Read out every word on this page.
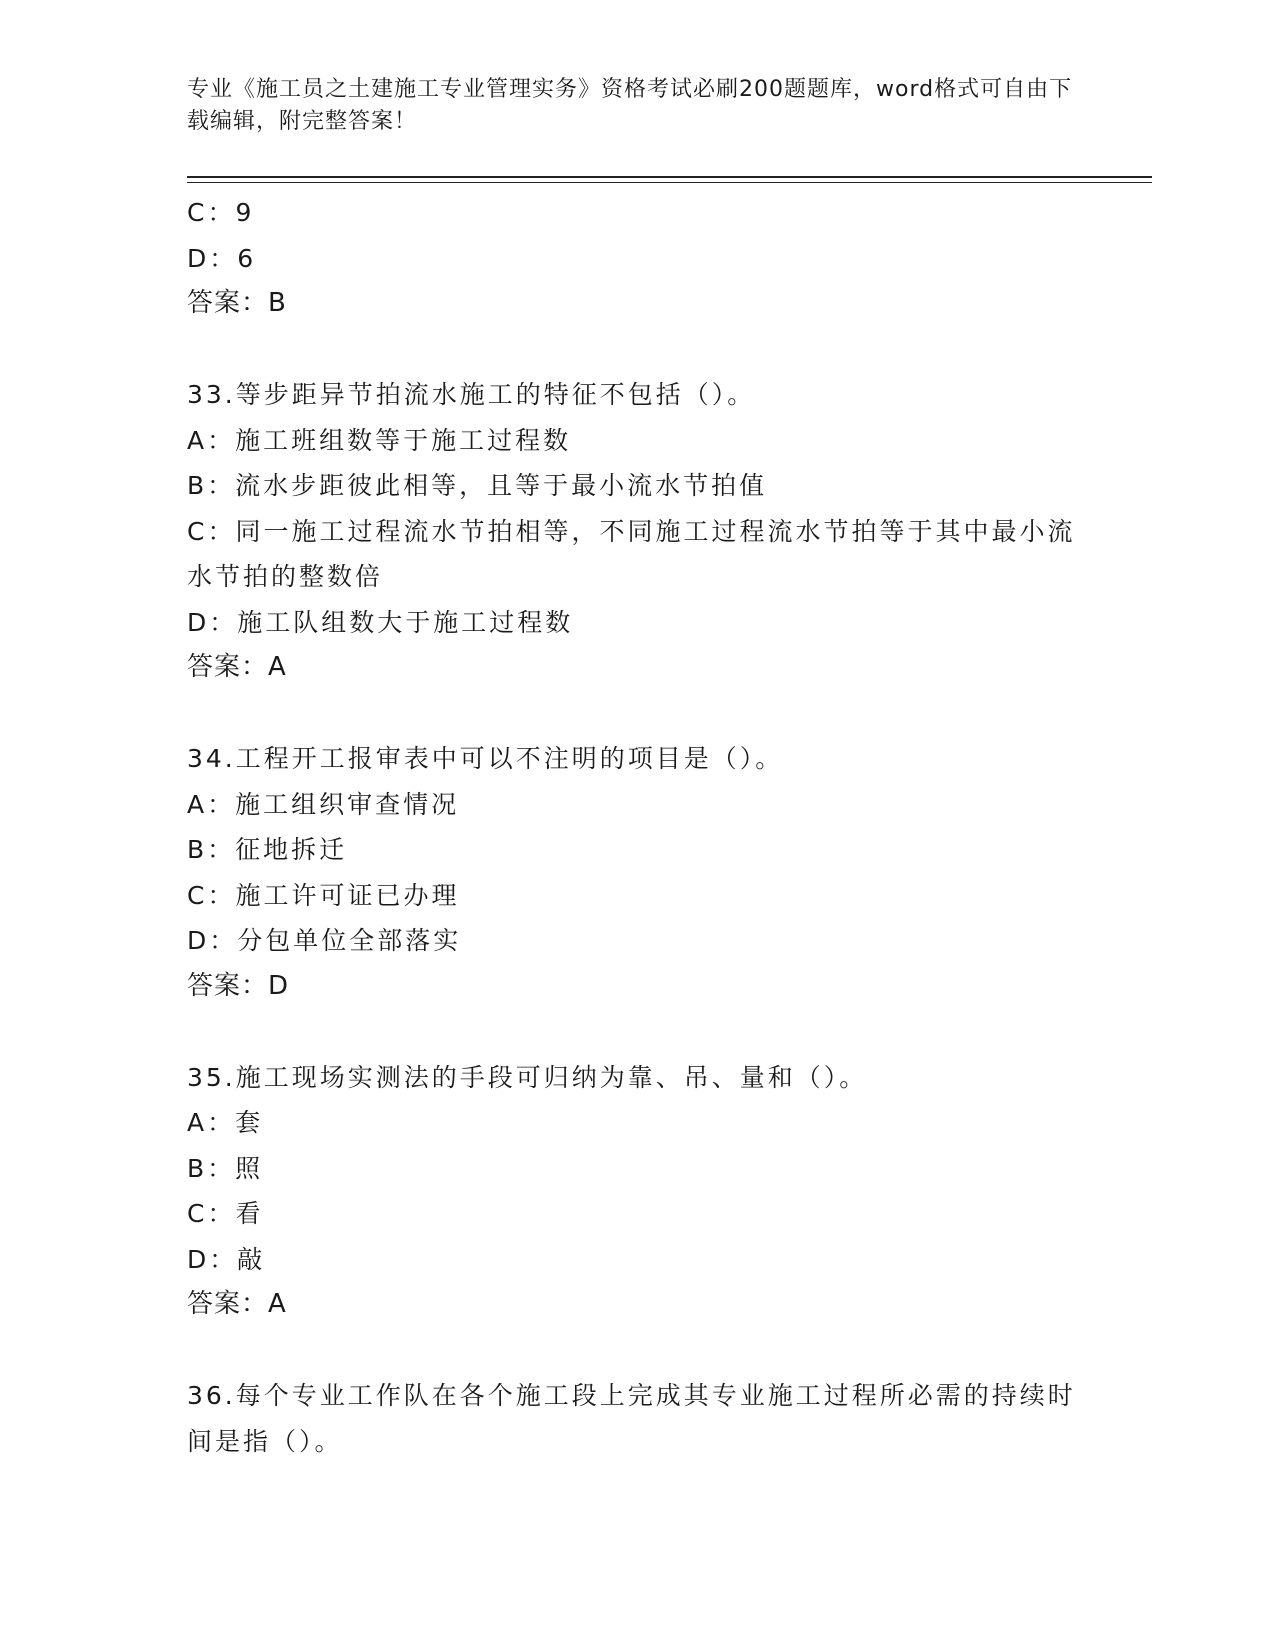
专业《施工员之土建施工专业管理实务》资格考试必刷200题题库，word格式可自由下载编辑，附完整答案！
C：9
D：6
答案：B
33.等步距异节拍流水施工的特征不包括（）。
A：施工班组数等于施工过程数
B：流水步距彼此相等，且等于最小流水节拍值
C：同一施工过程流水节拍相等，不同施工过程流水节拍等于其中最小流水节拍的整数倍
D：施工队组数大于施工过程数
答案：A
34.工程开工报审表中可以不注明的项目是（）。
A：施工组织审查情况
B：征地拆迁
C：施工许可证已办理
D：分包单位全部落实
答案：D
35.施工现场实测法的手段可归纳为靠、吊、量和（）。
A：套
B：照
C：看
D：敲
答案：A
36.每个专业工作队在各个施工段上完成其专业施工过程所必需的持续时间是指（）。
